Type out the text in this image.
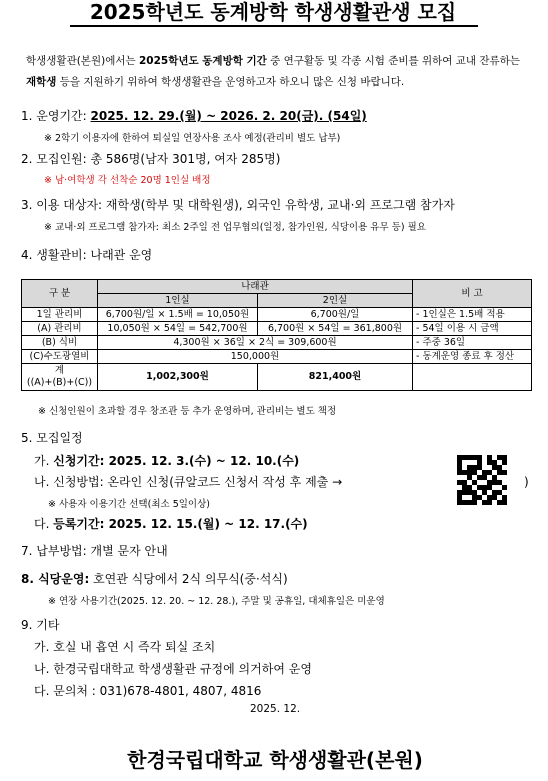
2025학년도 동계방학 학생생활관생 모집
학생생활관(본원)에서는 2025학년도 동계방학 기간 중 연구활동 및 각종 시험 준비를 위하여 교내 잔류하는 재학생 등을 지원하기 위하여 학생생활관을 운영하고자 하오니 많은 신청 바랍니다.
1. 운영기간: 2025. 12. 29.(월) ~ 2026. 2. 20(금). (54일)
※ 2학기 이용자에 한하여 퇴실일 연장사용 조사 예정(관리비 별도 납부)
2. 모집인원: 총 586명(남자 301명, 여자 285명)
※ 남·여학생 각 선착순 20명 1인실 배정
3. 이용 대상자: 재학생(학부 및 대학원생), 외국인 유학생, 교내·외 프로그램 참가자
※ 교내·외 프로그램 참가자: 최소 2주일 전 업무협의(일정, 참가인원, 식당이용 유무 등) 필요
4. 생활관비: 나래관 운영
구 분	나래관		비 고
	1인실	2인실	
1일 관리비	6,700원/일 × 1.5배 = 10,050원	6,700원/일	- 1인실은 1.5배 적용
(A) 관리비	10,050원 × 54일 = 542,700원	6,700원 × 54일 = 361,800원	- 54일 이용 시 금액
(B) 식비	4,300원 × 36일 × 2식 = 309,600원		- 주중 36일
(C)수도광열비	150,000원		- 동계운영 종료 후 정산

계
((A)+(B)+(C))	1,002,300원	821,400원	
※ 신청인원이 초과할 경우 창조관 등 추가 운영하며, 관리비는 별도 책정
5. 모집일정
가. 신청기간: 2025. 12. 3.(수) ~ 12. 10.(수)
나. 신청방법: 온라인 신청(큐알코드 신청서 작성 후 제출 →	)
※ 사용자 이용기간 선택(최소 5일이상)
다. 등록기간: 2025. 12. 15.(월) ~ 12. 17.(수)
7. 납부방법: 개별 문자 안내
8. 식당운영: 호연관 식당에서 2식 의무식(중·석식)
※ 연장 사용기간(2025. 12. 20. ~ 12. 28.), 주말 및 공휴일, 대체휴일은 미운영
9. 기타
가. 호실 내 흡연 시 즉각 퇴실 조치
나. 한경국립대학교 학생생활관 규정에 의거하여 운영
다. 문의처 : 031)678-4801, 4807, 4816
2025. 12.
한경국립대학교 학생생활관(본원)
